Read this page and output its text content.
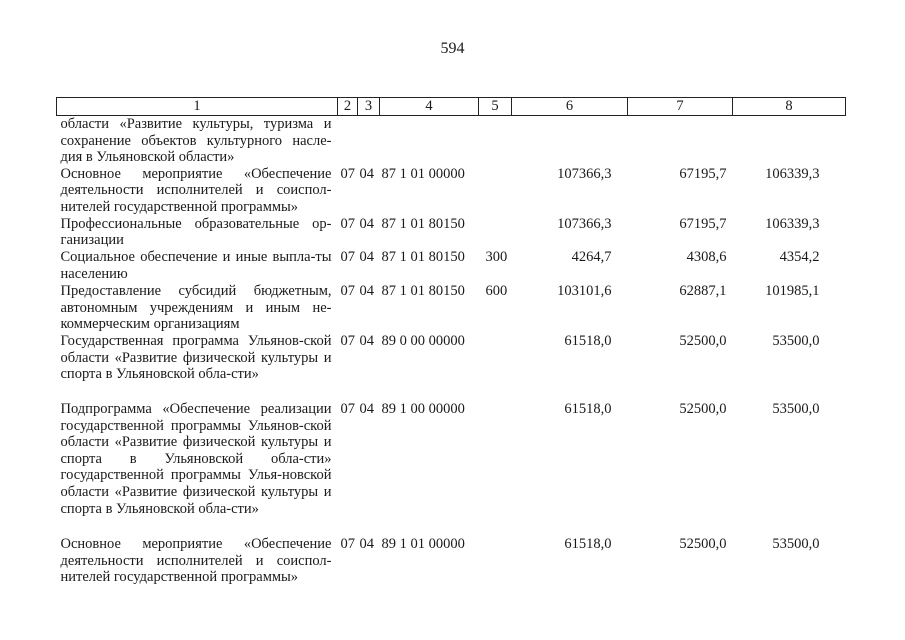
594
1	2	3	4	5	6	7	8
области «Развитие культуры, туризма и сохранение объектов культурного насле-дия в Ульяновской области»							
Основное мероприятие «Обеспечение деятельности исполнителей и соиспол-нителей государственной программы»	07	04	87 1 01 00000		107366,3	67195,7	106339,3
Профессиональные образовательные ор-ганизации	07	04	87 1 01 80150		107366,3	67195,7	106339,3
Социальное обеспечение и иные выпла-ты населению	07	04	87 1 01 80150	300	4264,7	4308,6	4354,2
Предоставление субсидий бюджетным, автономным учреждениям и иным не-коммерческим организациям	07	04	87 1 01 80150	600	103101,6	62887,1	101985,1
Государственная программа Ульянов-ской области «Развитие физической культуры и спорта в Ульяновской обла-сти»	07	04	89 0 00 00000		61518,0	52500,0	53500,0
Подпрограмма «Обеспечение реализации государственной программы Ульянов-ской области «Развитие физической культуры и спорта в Ульяновской обла-сти» государственной программы Улья-новской области «Развитие физической культуры и спорта в Ульяновской обла-сти»	07	04	89 1 00 00000		61518,0	52500,0	53500,0
Основное мероприятие «Обеспечение деятельности исполнителей и соиспол-нителей государственной программы»	07	04	89 1 01 00000		61518,0	52500,0	53500,0
